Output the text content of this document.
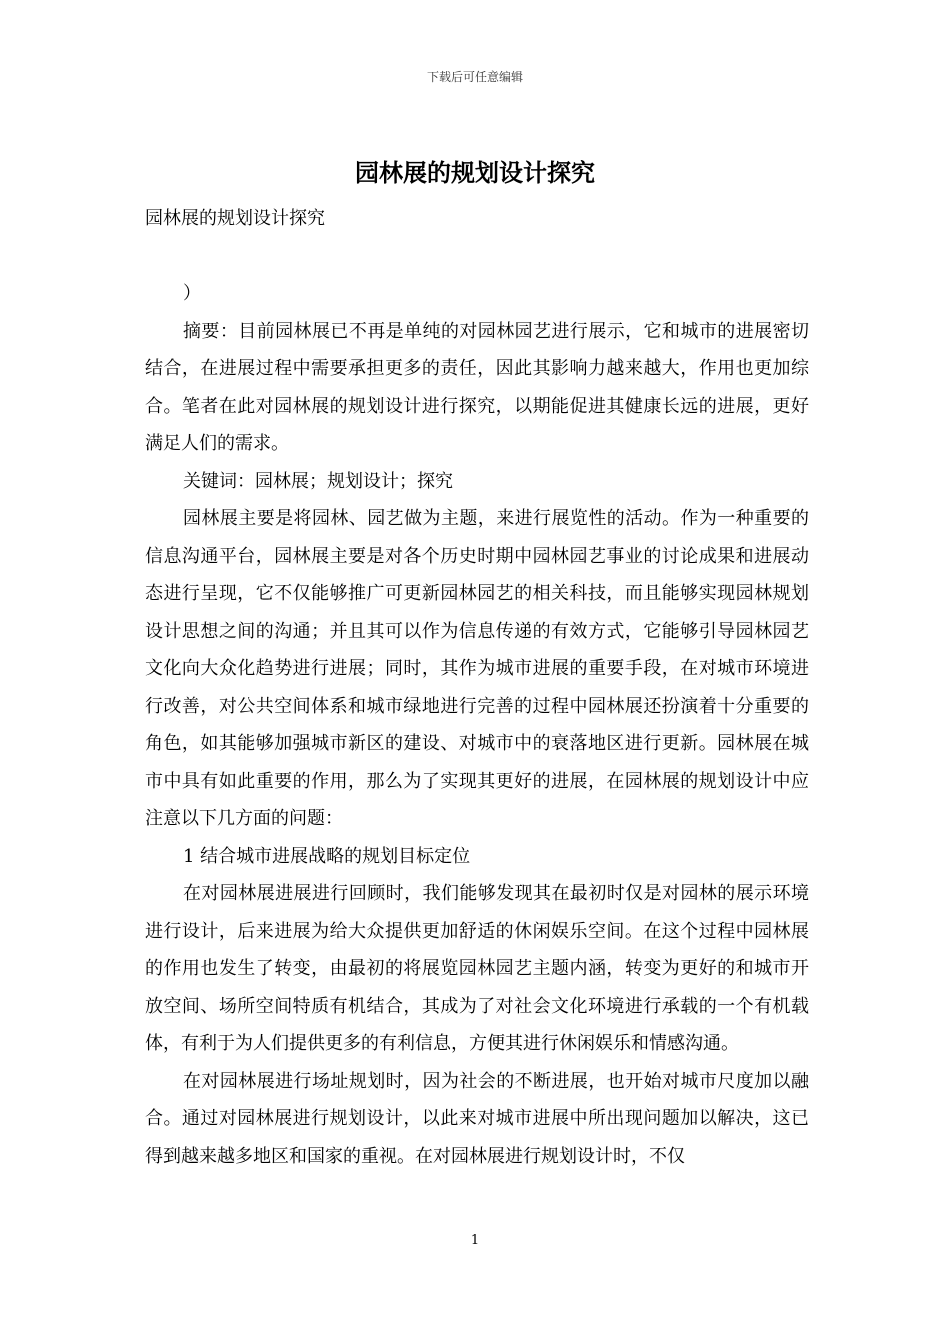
下载后可任意编辑
园林展的规划设计探究

园林展的规划设计探究

）

摘要：目前园林展已不再是单纯的对园林园艺进行展示，它和城市的进展密切结合，在进展过程中需要承担更多的责任，因此其影响力越来越大，作用也更加综合。笔者在此对园林展的规划设计进行探究，以期能促进其健康长远的进展，更好满足人们的需求。

关键词：园林展；规划设计；探究

园林展主要是将园林、园艺做为主题，来进行展览性的活动。作为一种重要的信息沟通平台，园林展主要是对各个历史时期中园林园艺事业的讨论成果和进展动态进行呈现，它不仅能够推广可更新园林园艺的相关科技，而且能够实现园林规划设计思想之间的沟通；并且其可以作为信息传递的有效方式，它能够引导园林园艺文化向大众化趋势进行进展；同时，其作为城市进展的重要手段，在对城市环境进行改善，对公共空间体系和城市绿地进行完善的过程中园林展还扮演着十分重要的角色，如其能够加强城市新区的建设、对城市中的衰落地区进行更新。园林展在城市中具有如此重要的作用，那么为了实现其更好的进展，在园林展的规划设计中应注意以下几方面的问题：

1 结合城市进展战略的规划目标定位

在对园林展进展进行回顾时，我们能够发现其在最初时仅是对园林的展示环境进行设计，后来进展为给大众提供更加舒适的休闲娱乐空间。在这个过程中园林展的作用也发生了转变，由最初的将展览园林园艺主题内涵，转变为更好的和城市开放空间、场所空间特质有机结合，其成为了对社会文化环境进行承载的一个有机载体，有利于为人们提供更多的有利信息，方便其进行休闲娱乐和情感沟通。

在对园林展进行场址规划时，因为社会的不断进展，也开始对城市尺度加以融合。通过对园林展进行规划设计，以此来对城市进展中所出现问题加以解决，这已得到越来越多地区和国家的重视。在对园林展进行规划设计时，不仅

1
